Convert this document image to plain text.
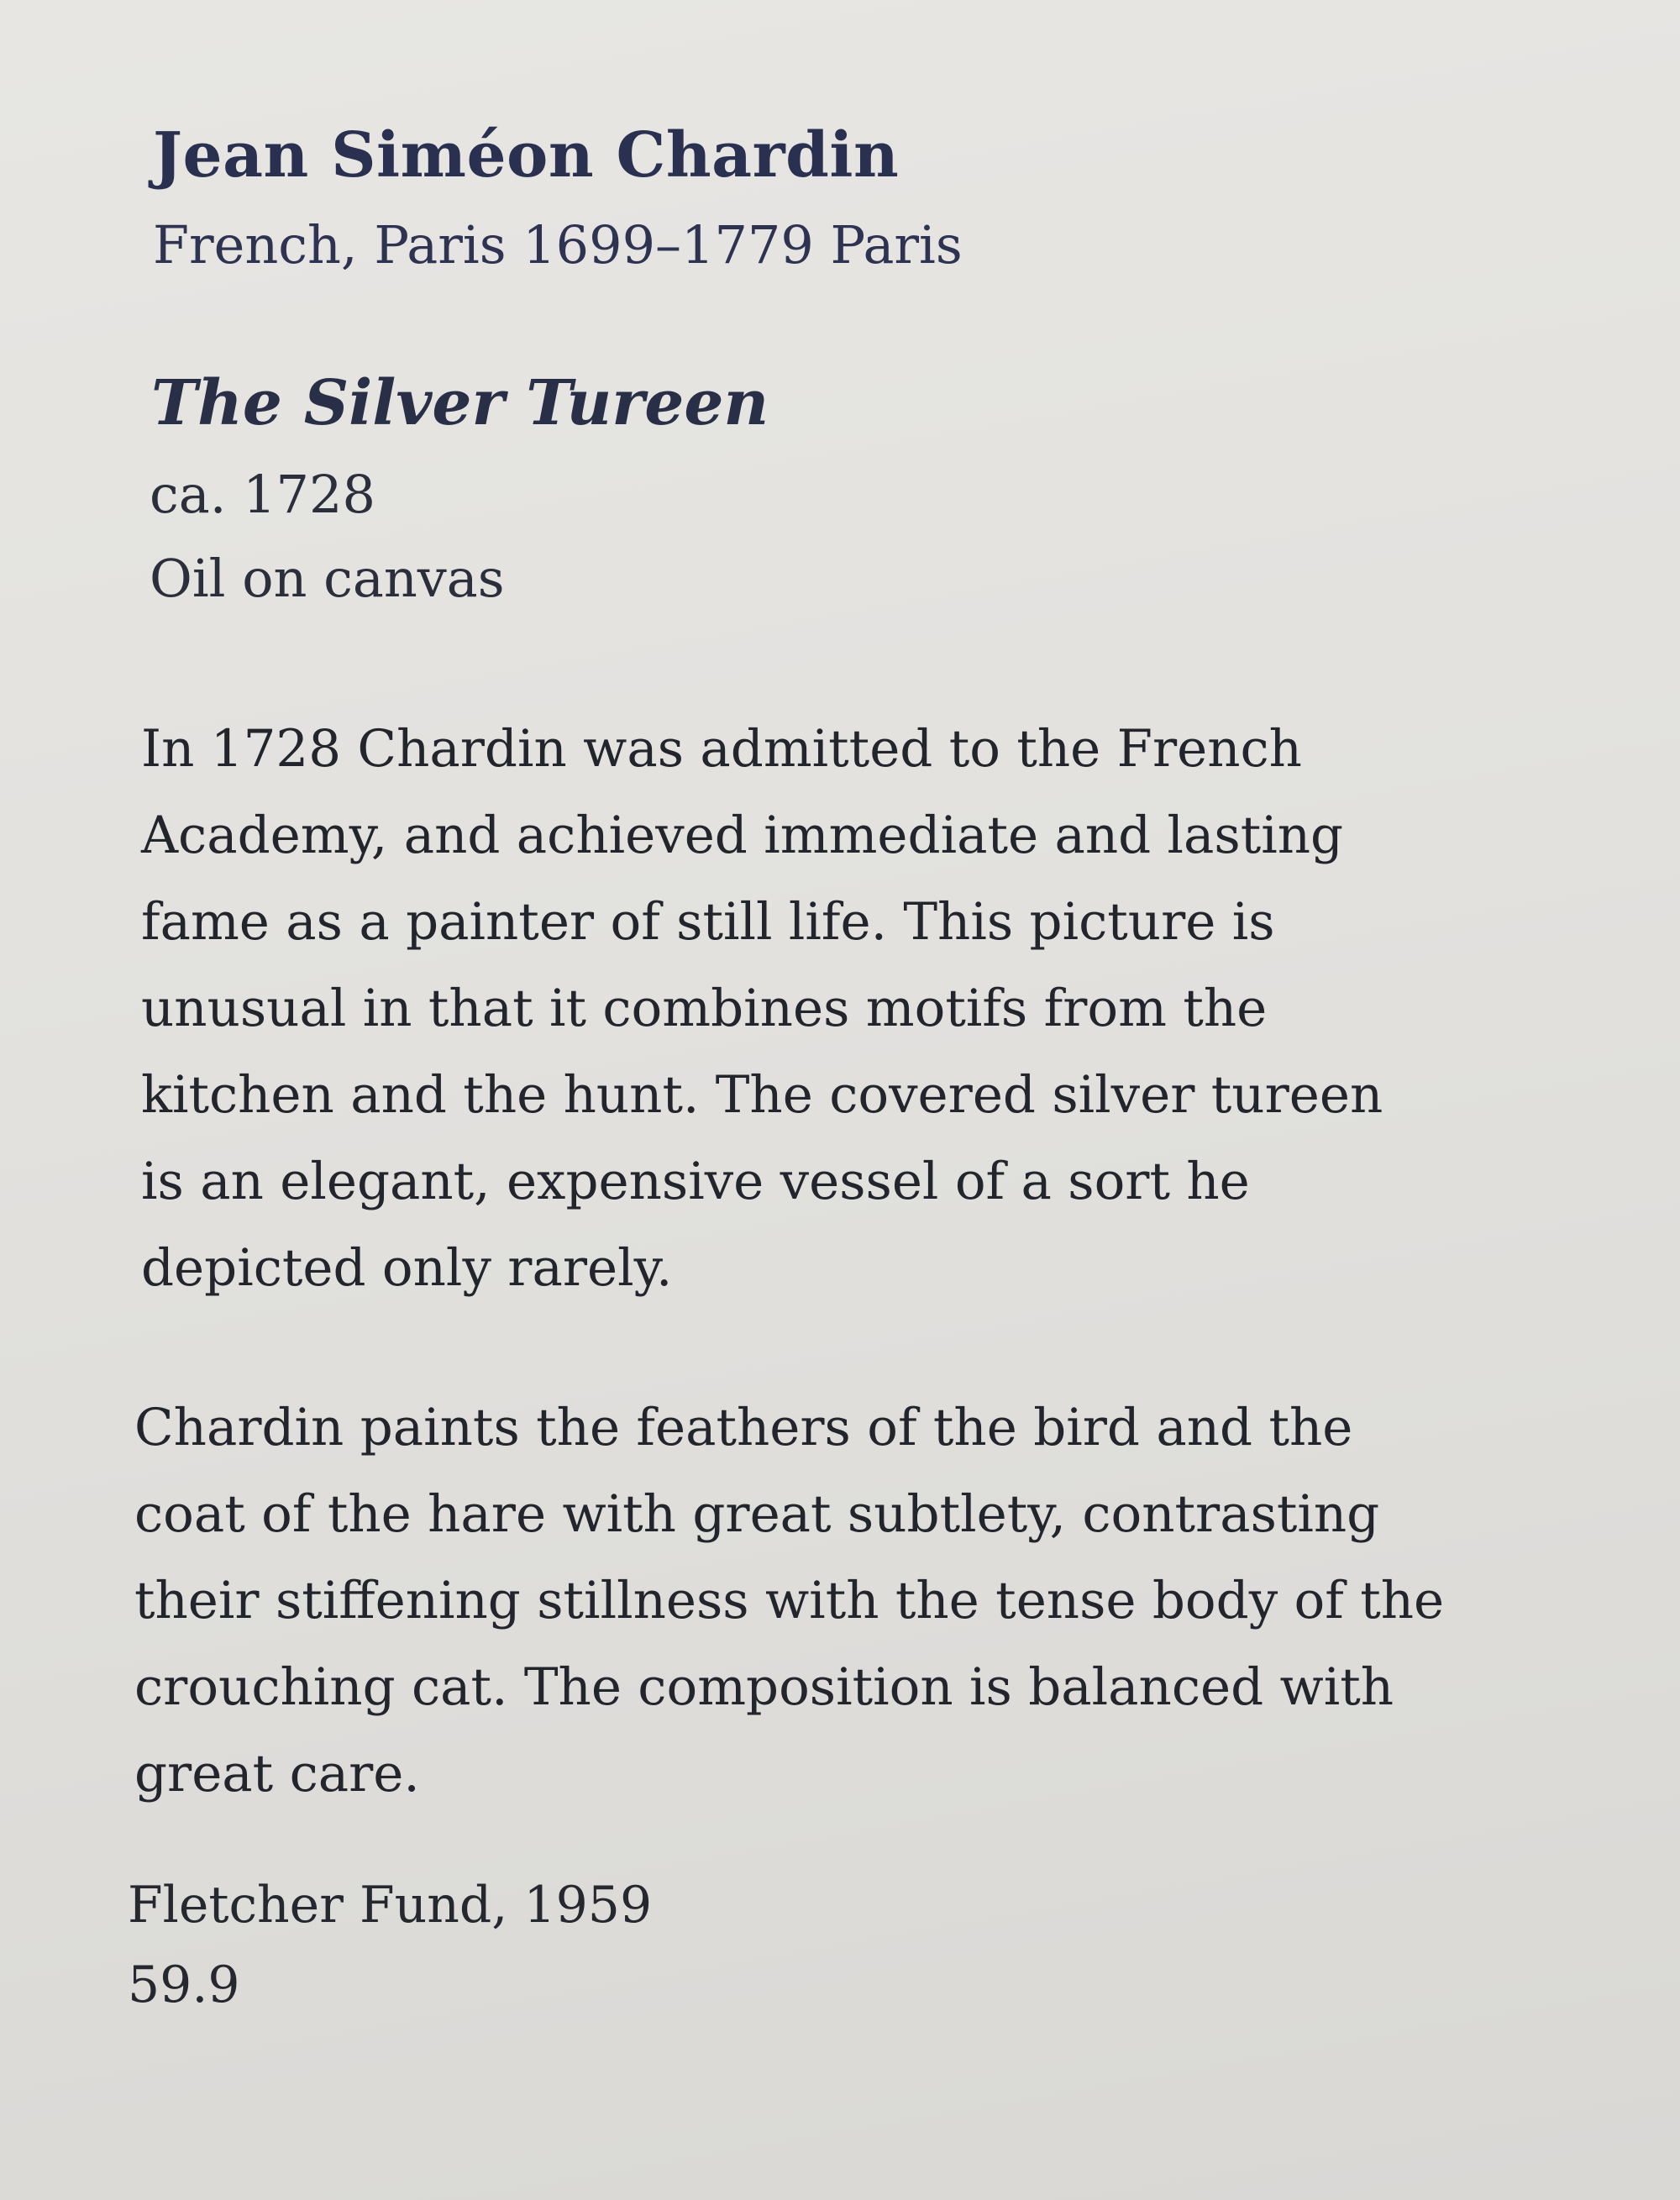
Jean Siméon Chardin

French, Paris 1699–1779 Paris

The Silver Tureen

ca. 1728

Oil on canvas

In 1728 Chardin was admitted to the French
Academy, and achieved immediate and lasting
fame as a painter of still life. This picture is
unusual in that it combines motifs from the
kitchen and the hunt. The covered silver tureen
is an elegant, expensive vessel of a sort he
depicted only rarely.

Chardin paints the feathers of the bird and the
coat of the hare with great subtlety, contrasting
their stiffening stillness with the tense body of the
crouching cat. The composition is balanced with
great care.

Fletcher Fund, 1959

59.9
